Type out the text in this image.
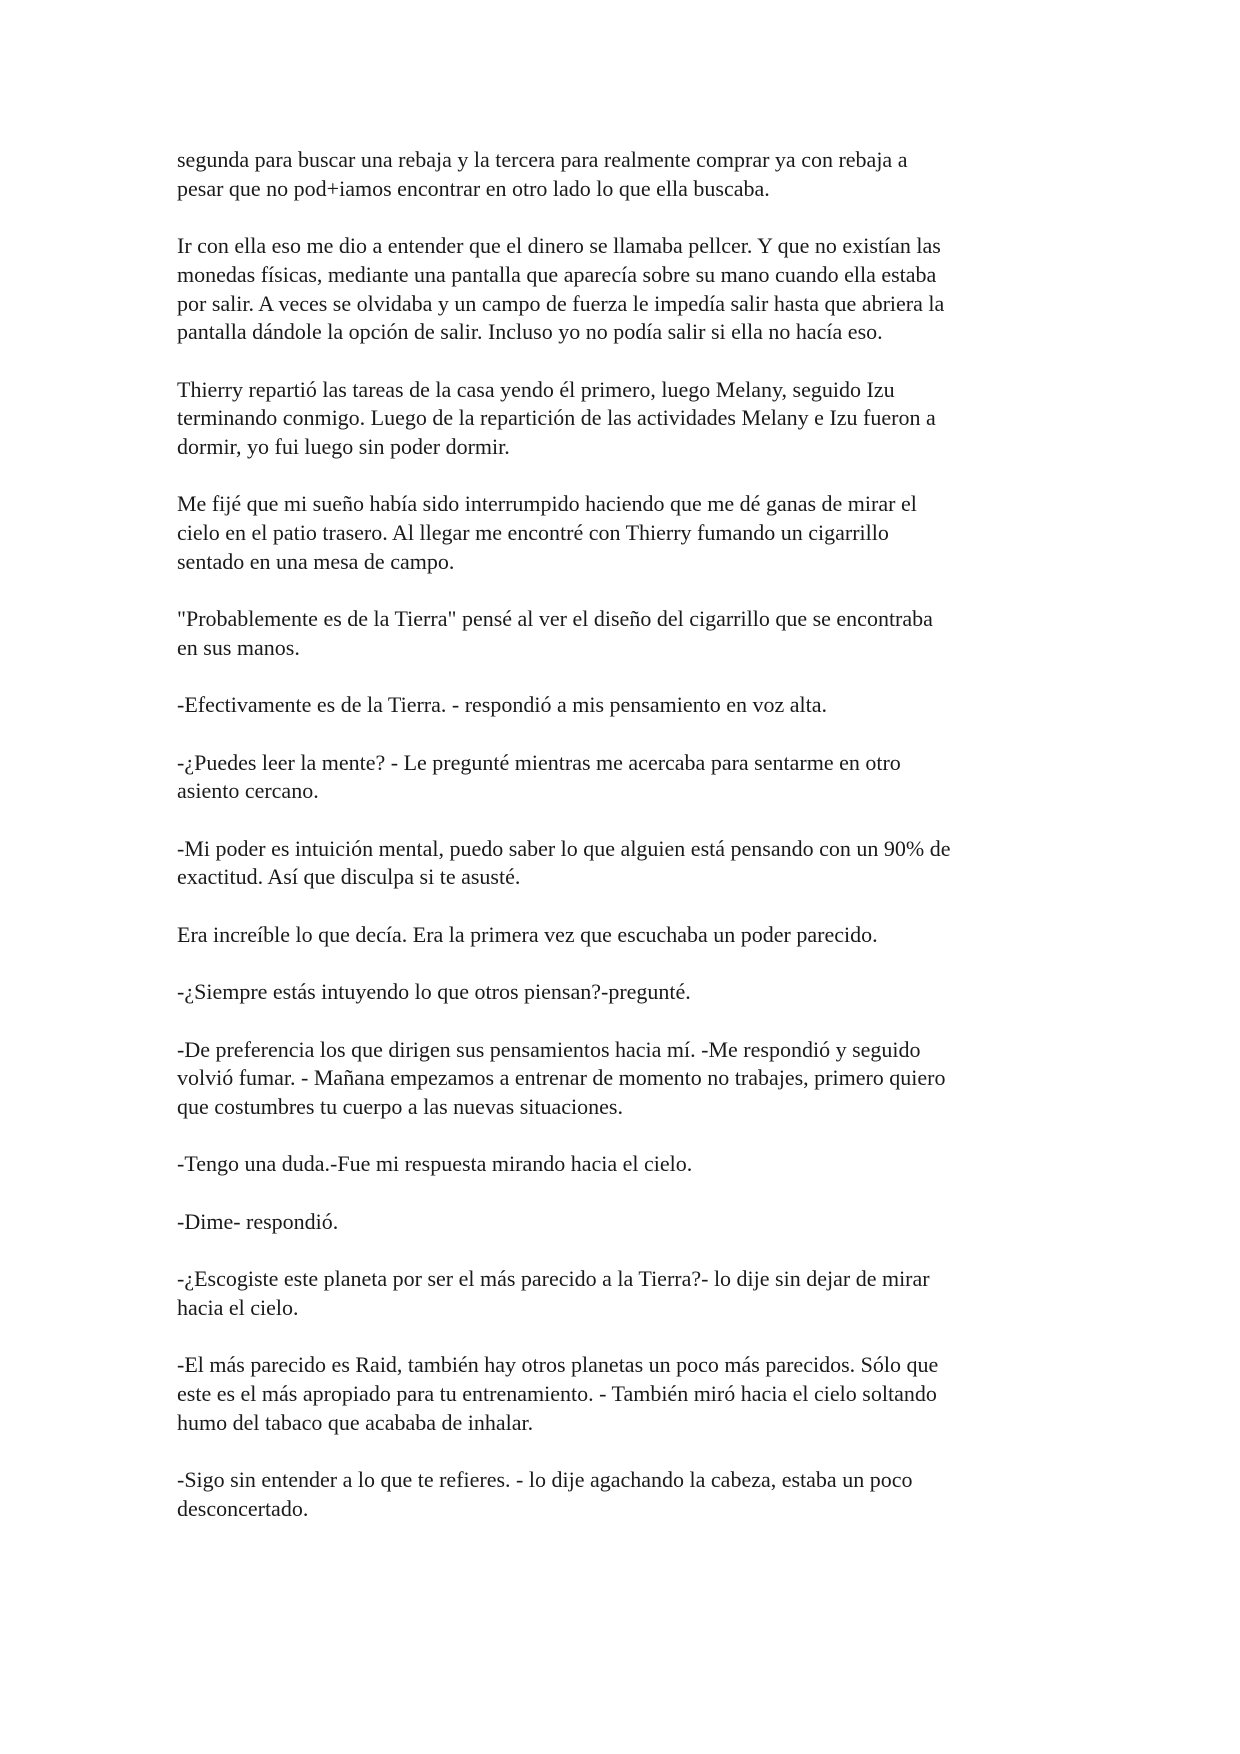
segunda para buscar una rebaja y la tercera para realmente comprar ya con rebaja a
pesar que no pod+iamos encontrar en otro lado lo que ella buscaba.

Ir con ella eso me dio a entender que el dinero se llamaba pellcer. Y que no existían las
monedas físicas, mediante una pantalla que aparecía sobre su mano cuando ella estaba
por salir. A veces se olvidaba y un campo de fuerza le impedía salir hasta que abriera la
pantalla dándole la opción de salir. Incluso yo no podía salir si ella no hacía eso.

Thierry repartió las tareas de la casa yendo él primero, luego Melany, seguido Izu
terminando conmigo. Luego de la repartición de las actividades Melany e Izu fueron a
dormir, yo fui luego sin poder dormir.

Me fijé que mi sueño había sido interrumpido haciendo que me dé ganas de mirar el
cielo en el patio trasero. Al llegar me encontré con Thierry fumando un cigarrillo
sentado en una mesa de campo.

"Probablemente es de la Tierra" pensé al ver el diseño del cigarrillo que se encontraba
en sus manos.

-Efectivamente es de la Tierra. - respondió a mis pensamiento en voz alta.

-¿Puedes leer la mente? - Le pregunté mientras me acercaba para sentarme en otro
asiento cercano.

-Mi poder es intuición mental, puedo saber lo que alguien está pensando con un 90% de
exactitud. Así que disculpa si te asusté.

Era increíble lo que decía. Era la primera vez que escuchaba un poder parecido.

-¿Siempre estás intuyendo lo que otros piensan?-pregunté.

-De preferencia los que dirigen sus pensamientos hacia mí. -Me respondió y seguido
volvió fumar. - Mañana empezamos a entrenar de momento no trabajes, primero quiero
que costumbres tu cuerpo a las nuevas situaciones.

-Tengo una duda.-Fue mi respuesta mirando hacia el cielo.

-Dime- respondió.

-¿Escogiste este planeta por ser el más parecido a la Tierra?- lo dije sin dejar de mirar
hacia el cielo.

-El más parecido es Raid, también hay otros planetas un poco más parecidos. Sólo que
este es el más apropiado para tu entrenamiento. - También miró hacia el cielo soltando
humo del tabaco que acababa de inhalar.

-Sigo sin entender a lo que te refieres. - lo dije agachando la cabeza, estaba un poco
desconcertado.
